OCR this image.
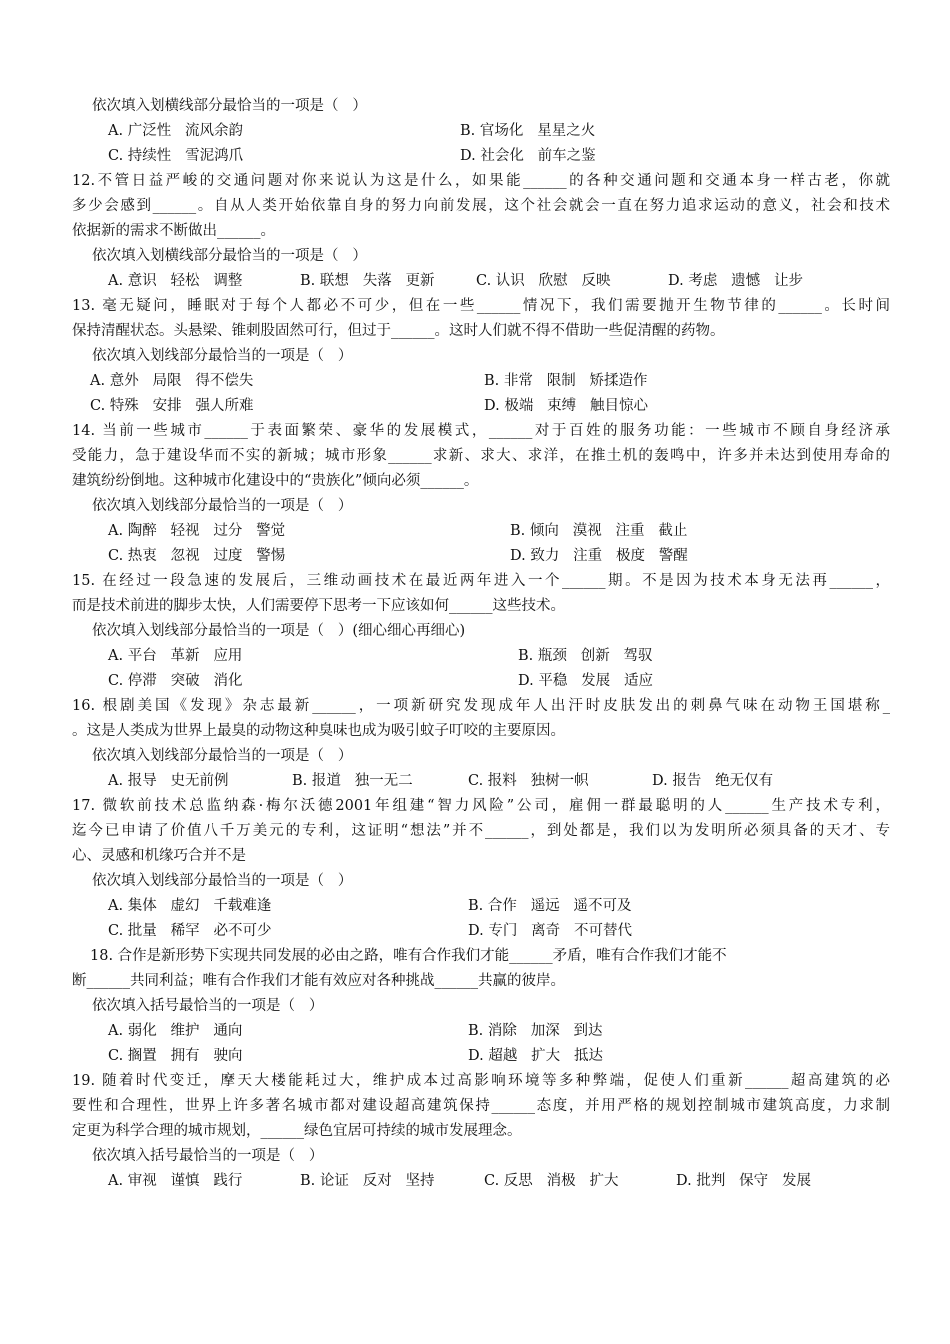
依次填入划横线部分最恰当的一项是（   ）
A. 广泛性   流风余韵	B. 官场化   星星之火
C. 持续性   雪泥鸿爪	D. 社会化   前车之鉴
12.不管日益严峻的交通问题对你来说认为这是什么，如果能______的各种交通问题和交通本身一样古老，你就
多少会感到______。自从人类开始依靠自身的努力向前发展，这个社会就会一直在努力追求运动的意义，社会和技术
依据新的需求不断做出______。
依次填入划横线部分最恰当的一项是（   ）
A. 意识   轻松   调整	B. 联想   失落   更新	C. 认识   欣慰   反映	D. 考虑   遗憾   让步
13. 毫无疑问，睡眠对于每个人都必不可少，但在一些______情况下，我们需要抛开生物节律的______。长时间
保持清醒状态。头悬梁、锥刺股固然可行，但过于______。这时人们就不得不借助一些促清醒的药物。
依次填入划线部分最恰当的一项是（   ）
A. 意外   局限   得不偿失	B. 非常   限制   矫揉造作
C. 特殊   安排   强人所难	D. 极端   束缚   触目惊心
14. 当前一些城市______于表面繁荣、豪华的发展模式，______对于百姓的服务功能：一些城市不顾自身经济承
受能力，急于建设华而不实的新城；城市形象______求新、求大、求洋，在推土机的轰鸣中，许多并未达到使用寿命的
建筑纷纷倒地。这种城市化建设中的“贵族化”倾向必须______。
依次填入划线部分最恰当的一项是（   ）
A. 陶醉   轻视   过分   警觉	B. 倾向   漠视   注重   截止
C. 热衷   忽视   过度   警惕	D. 致力   注重   极度   警醒
15. 在经过一段急速的发展后，三维动画技术在最近两年进入一个______期。不是因为技术本身无法再______，
而是技术前进的脚步太快，人们需要停下思考一下应该如何______这些技术。
依次填入划线部分最恰当的一项是（   ）(细心细心再细心)
A. 平台   革新   应用	B. 瓶颈   创新   驾驭
C. 停滞   突破   消化	D. 平稳   发展   适应
16. 根剧美国《发现》杂志最新______，一项新研究发现成年人出汗时皮肤发出的刺鼻气味在动物王国堪称_
。这是人类成为世界上最臭的动物这种臭味也成为吸引蚊子叮咬的主要原因。
依次填入划线部分最恰当的一项是（   ）
A. 报导   史无前例	B. 报道   独一无二	C. 报料   独树一帜	D. 报告   绝无仅有
17. 微软前技术总监纳森·梅尔沃德2001年组建“智力风险”公司，雇佣一群最聪明的人______生产技术专利，
迄今已申请了价值八千万美元的专利，这证明“想法”并不______，到处都是，我们以为发明所必须具备的天才、专
心、灵感和机缘巧合并不是
依次填入划线部分最恰当的一项是（   ）
A. 集体   虚幻   千载难逢	B. 合作   遥远   遥不可及
C. 批量   稀罕   必不可少	D. 专门   离奇   不可替代
18. 合作是新形势下实现共同发展的必由之路，唯有合作我们才能______矛盾，唯有合作我们才能不
断______共同利益；唯有合作我们才能有效应对各种挑战______共赢的彼岸。
依次填入括号最恰当的一项是（   ）
A. 弱化   维护   通向	B. 消除   加深   到达
C. 搁置   拥有   驶向	D. 超越   扩大   抵达
19. 随着时代变迁，摩天大楼能耗过大，维护成本过高影响环境等多种弊端，促使人们重新______超高建筑的必
要性和合理性，世界上许多著名城市都对建设超高建筑保持______态度，并用严格的规划控制城市建筑高度，力求制
定更为科学合理的城市规划，______绿色宜居可持续的城市发展理念。
依次填入括号最恰当的一项是（   ）
A. 审视   谨慎   践行	B. 论证   反对   坚持	C. 反思   消极   扩大	D. 批判   保守   发展
